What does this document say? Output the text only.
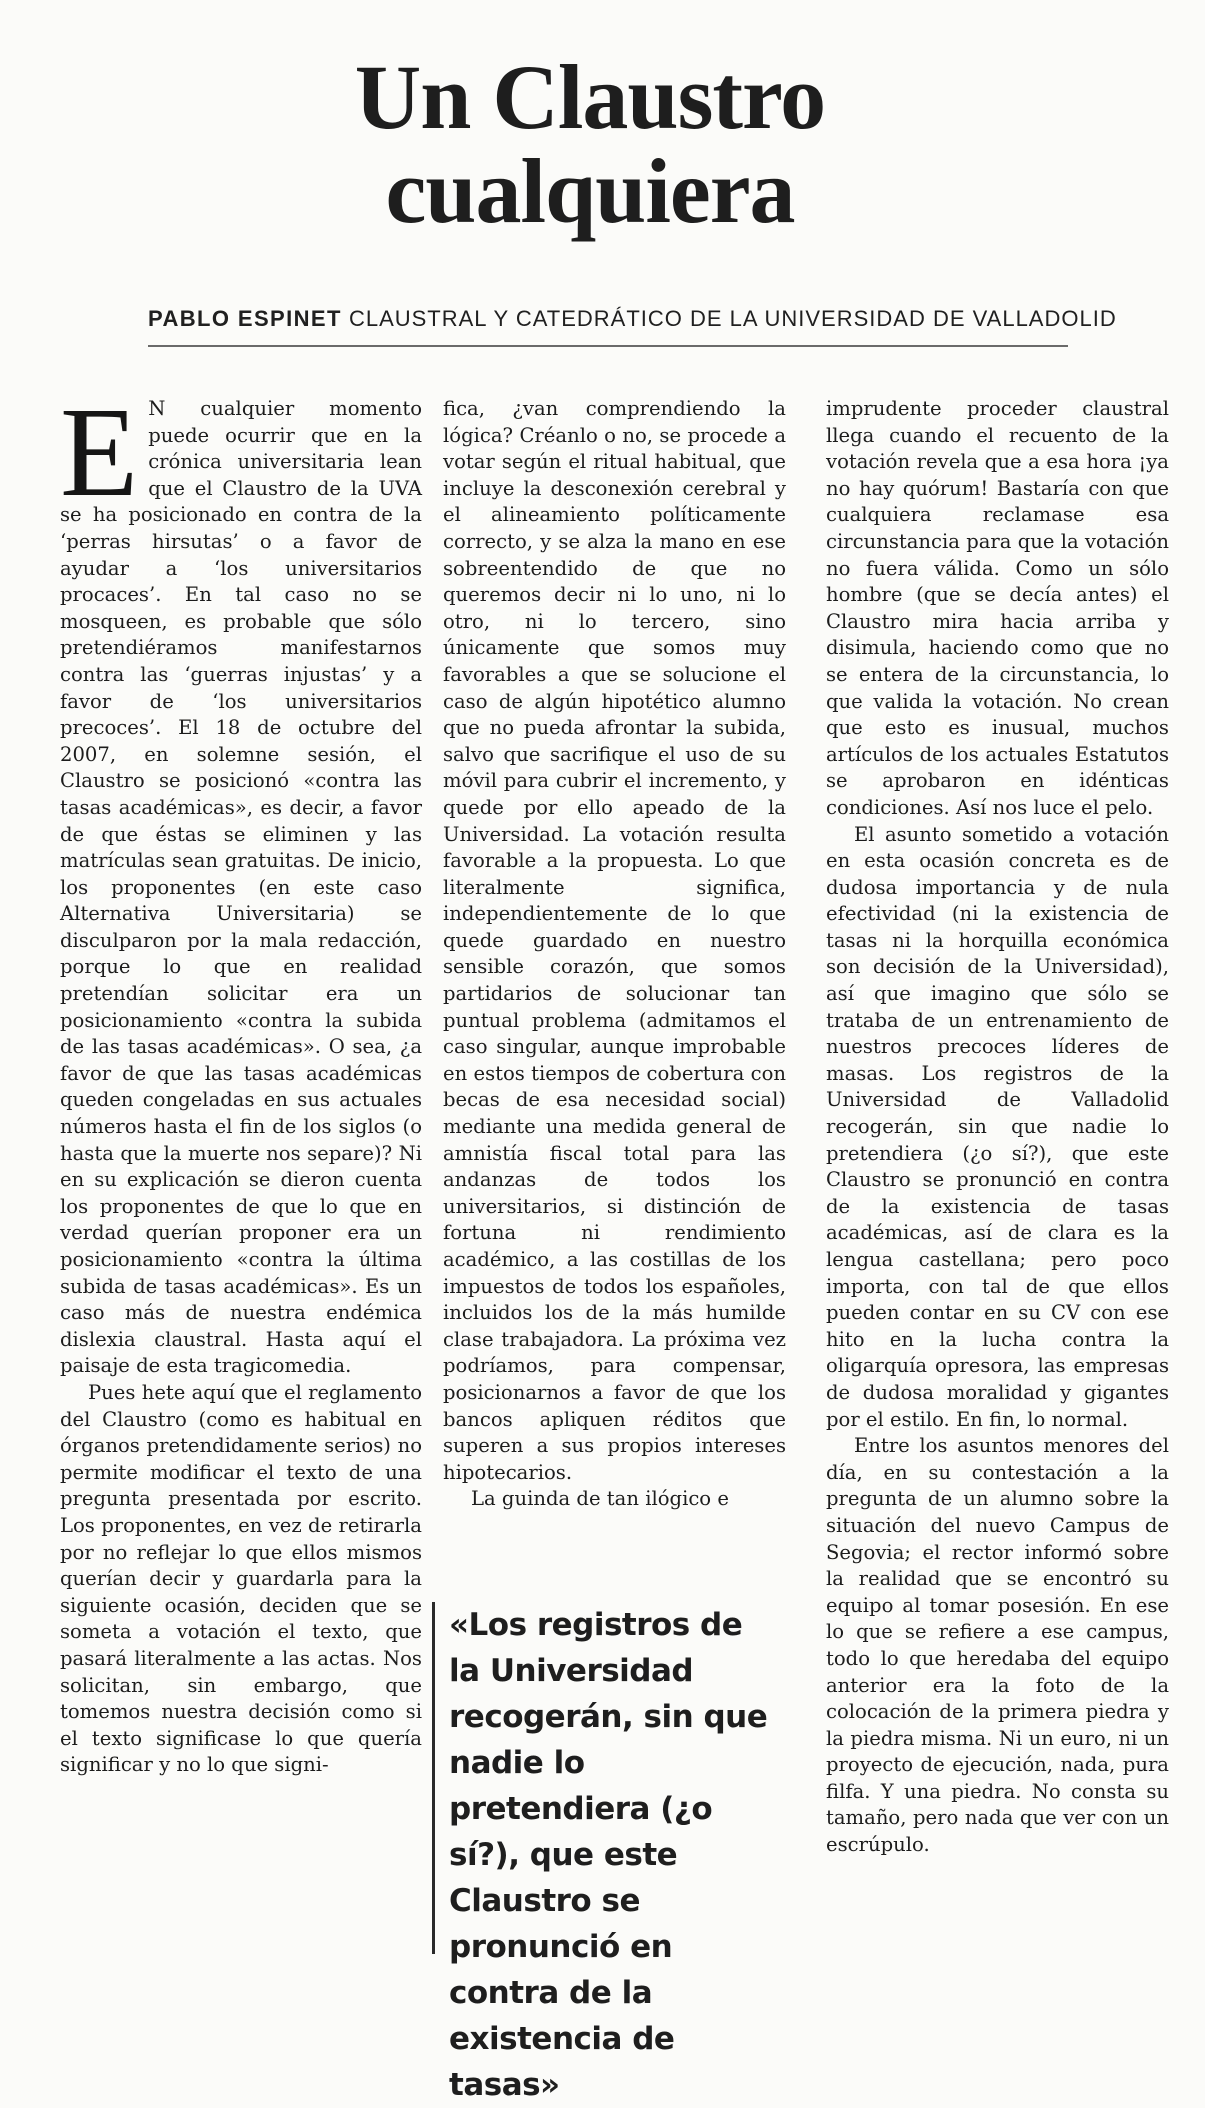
Un Claustro
cualquiera
PABLO ESPINET CLAUSTRAL Y CATEDRÁTICO DE LA UNIVERSIDAD DE VALLADOLID
E N cualquier momento puede ocurrir que en la crónica universitaria lean que el Claustro de la UVA se ha posicionado en contra de la ‘perras hirsutas’ o a favor de ayudar a ‘los universitarios procaces’. En tal caso no se mosqueen, es probable que sólo pretendiéramos manifestarnos contra las ‘guerras injustas’ y a favor de ‘los universitarios precoces’. El 18 de octubre del 2007, en solemne sesión, el Claustro se posicionó «contra las tasas académicas», es decir, a favor de que éstas se eliminen y las matrículas sean gratuitas. De inicio, los proponentes (en este caso Alternativa Universitaria) se disculparon por la mala redacción, porque lo que en realidad pretendían solicitar era un posicionamiento «contra la subida de las tasas académicas». O sea, ¿a favor de que las tasas académicas queden congeladas en sus actuales números hasta el fin de los siglos (o hasta que la muerte nos separe)? Ni en su explicación se dieron cuenta los proponentes de que lo que en verdad querían proponer era un posicionamiento «contra la última subida de tasas académicas». Es un caso más de nuestra endémica dislexia claustral. Hasta aquí el paisaje de esta tragicomedia.

Pues hete aquí que el reglamento del Claustro (como es habitual en órganos pretendidamente serios) no permite modificar el texto de una pregunta presentada por escrito. Los proponentes, en vez de retirarla por no reflejar lo que ellos mismos querían decir y guardarla para la siguiente ocasión, deciden que se someta a votación el texto, que pasará literalmente a las actas. Nos solicitan, sin embargo, que tomemos nuestra decisión como si el texto significase lo que quería significar y no lo que signi-

fica, ¿van comprendiendo la lógica? Créanlo o no, se procede a votar según el ritual habitual, que incluye la desconexión cerebral y el alineamiento políticamente correcto, y se alza la mano en ese sobreentendido de que no queremos decir ni lo uno, ni lo otro, ni lo tercero, sino únicamente que somos muy favorables a que se solucione el caso de algún hipotético alumno que no pueda afrontar la subida, salvo que sacrifique el uso de su móvil para cubrir el incremento, y quede por ello apeado de la Universidad. La votación resulta favorable a la propuesta. Lo que literalmente significa, independientemente de lo que quede guardado en nuestro sensible corazón, que somos partidarios de solucionar tan puntual problema (admitamos el caso singular, aunque improbable en estos tiempos de cobertura con becas de esa necesidad social) mediante una medida general de amnistía fiscal total para las andanzas de todos los universitarios, si distinción de fortuna ni rendimiento académico, a las costillas de los impuestos de todos los españoles, incluidos los de la más humilde clase trabajadora. La próxima vez podríamos, para compensar, posicionarnos a favor de que los bancos apliquen réditos que superen a sus propios intereses hipotecarios.

La guinda de tan ilógico e

«Los registros de la Universidad recogerán, sin que nadie lo pretendiera (¿o sí?), que este Claustro se pronunció en contra de la existencia de tasas»

imprudente proceder claustral llega cuando el recuento de la votación revela que a esa hora ¡ya no hay quórum! Bastaría con que cualquiera reclamase esa circunstancia para que la votación no fuera válida. Como un sólo hombre (que se decía antes) el Claustro mira hacia arriba y disimula, haciendo como que no se entera de la circunstancia, lo que valida la votación. No crean que esto es inusual, muchos artículos de los actuales Estatutos se aprobaron en idénticas condiciones. Así nos luce el pelo.

El asunto sometido a votación en esta ocasión concreta es de dudosa importancia y de nula efectividad (ni la existencia de tasas ni la horquilla económica son decisión de la Universidad), así que imagino que sólo se trataba de un entrenamiento de nuestros precoces líderes de masas. Los registros de la Universidad de Valladolid recogerán, sin que nadie lo pretendiera (¿o sí?), que este Claustro se pronunció en contra de la existencia de tasas académicas, así de clara es la lengua castellana; pero poco importa, con tal de que ellos pueden contar en su CV con ese hito en la lucha contra la oligarquía opresora, las empresas de dudosa moralidad y gigantes por el estilo. En fin, lo normal.

Entre los asuntos menores del día, en su contestación a la pregunta de un alumno sobre la situación del nuevo Campus de Segovia; el rector informó sobre la realidad que se encontró su equipo al tomar posesión. En ese lo que se refiere a ese campus, todo lo que heredaba del equipo anterior era la foto de la colocación de la primera piedra y la piedra misma. Ni un euro, ni un proyecto de ejecución, nada, pura filfa. Y una piedra. No consta su tamaño, pero nada que ver con un escrúpulo.
